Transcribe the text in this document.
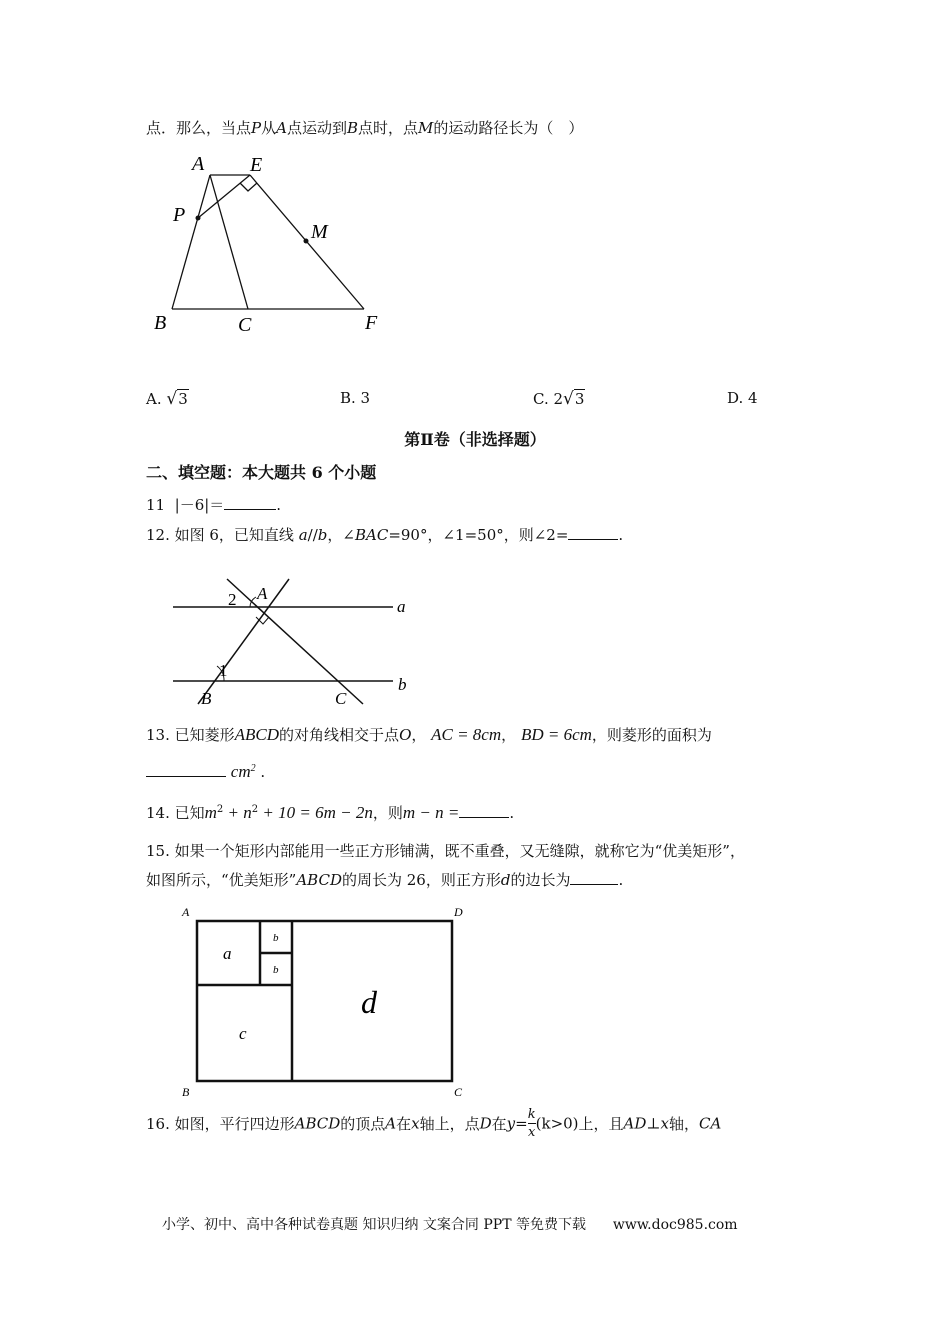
点．那么，当点P从A点运动到B点时，点M的运动路径长为（　）
A E
P
M
B	C	F
A. √3	B. 3	C. 2√3	D. 4
第Ⅱ卷（非选择题）
二、填空题：本大题共 6 个小题
11 |－6|＝	.
12. 如图 6，已知直线 a//b，∠BAC=90°，∠1=50°，则∠2=	.
2 A
a
1
B	C
b
13. 已知菱形ABCD的对角线相交于点O， AC = 8cm， BD = 6cm，则菱形的面积为
$cm^2$ .
14. 已知$m^2 + n^2 + 10 = 6m - 2n$，则m − n =	.
15. 如果一个矩形内部能用一些正方形铺满，既不重叠，又无缝隙，就称它为“优美矩形”，
如图所示，“优美矩形”ABCD的周长为 26，则正方形d的边长为	.
A	D
B	C
a
b
b
c
d
16. 如图，平行四边形ABCD的顶点A在x轴上，点D在$y= \frac{k}{x} (k>0)$上，且AD⊥x轴，CA
小学、初中、高中各种试卷真题 知识归纳 文案合同 PPT 等免费下载 www.doc985.com
